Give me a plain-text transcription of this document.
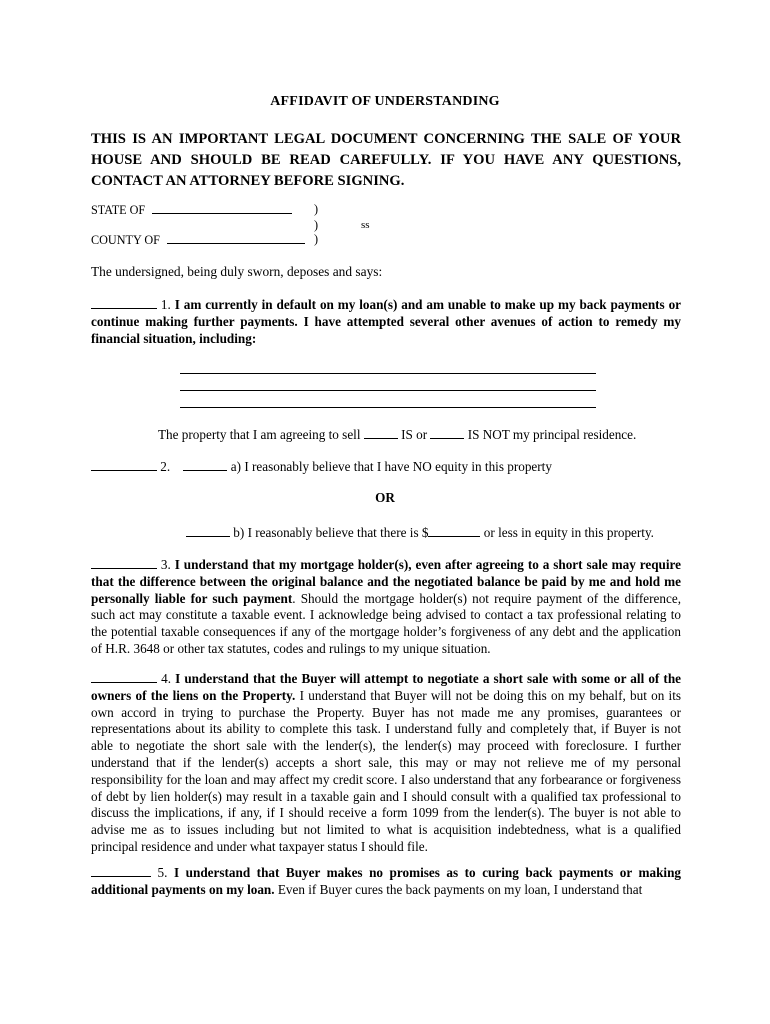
AFFIDAVIT OF UNDERSTANDING
THIS IS AN IMPORTANT LEGAL DOCUMENT CONCERNING THE SALE OF YOUR HOUSE AND SHOULD BE READ CAREFULLY. IF YOU HAVE ANY QUESTIONS, CONTACT AN ATTORNEY BEFORE SIGNING.
STATE OF	)
)
)
ss
COUNTY OF
The undersigned, being duly sworn, deposes and says:
1. I am currently in default on my loan(s) and am unable to make up my back payments or continue making further payments. I have attempted several other avenues of action to remedy my financial situation, including:
The property that I am agreeing to sell	IS or	IS NOT my principal residence.
2.	a) I reasonably believe that I have NO equity in this property
OR
b) I reasonably believe that there is $	or less in equity in this property.
3. I understand that my mortgage holder(s), even after agreeing to a short sale may require that the difference between the original balance and the negotiated balance be paid by me and hold me personally liable for such payment. Should the mortgage holder(s) not require payment of the difference, such act may constitute a taxable event. I acknowledge being advised to contact a tax professional relating to the potential taxable consequences if any of the mortgage holder’s forgiveness of any debt and the application of H.R. 3648 or other tax statutes, codes and rulings to my unique situation.
4. I understand that the Buyer will attempt to negotiate a short sale with some or all of the owners of the liens on the Property. I understand that Buyer will not be doing this on my behalf, but on its own accord in trying to purchase the Property. Buyer has not made me any promises, guarantees or representations about its ability to complete this task. I understand fully and completely that, if Buyer is not able to negotiate the short sale with the lender(s), the lender(s) may proceed with foreclosure. I further understand that if the lender(s) accepts a short sale, this may or may not relieve me of my personal responsibility for the loan and may affect my credit score. I also understand that any forbearance or forgiveness of debt by lien holder(s) may result in a taxable gain and I should consult with a qualified tax professional to discuss the implications, if any, if I should receive a form 1099 from the lender(s). The buyer is not able to advise me as to issues including but not limited to what is acquisition indebtedness, what is a qualified principal residence and under what taxpayer status I should file.
5. I understand that Buyer makes no promises as to curing back payments or making additional payments on my loan. Even if Buyer cures the back payments on my loan, I understand that
